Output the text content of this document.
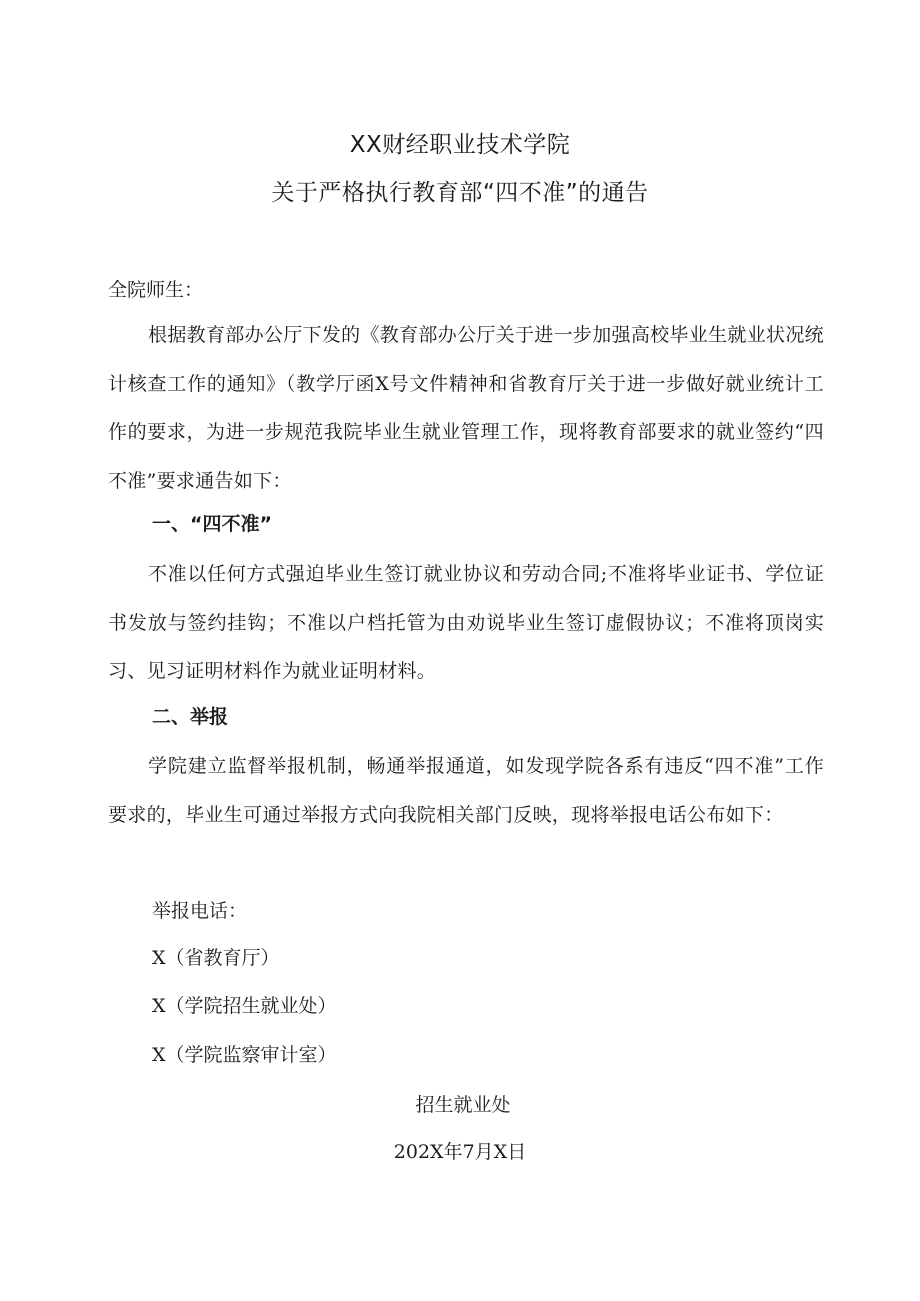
XX财经职业技术学院
关于严格执行教育部“四不准”的通告
全院师生：
根据教育部办公厅下发的《教育部办公厅关于进一步加强高校毕业生就业状况统计核查工作的通知》（教学厅函X号文件精神和省教育厅关于进一步做好就业统计工作的要求，为进一步规范我院毕业生就业管理工作，现将教育部要求的就业签约“四不准”要求通告如下：
一、“四不准”
不准以任何方式强迫毕业生签订就业协议和劳动合同;不准将毕业证书、学位证书发放与签约挂钩；不准以户档托管为由劝说毕业生签订虚假协议；不准将顶岗实习、见习证明材料作为就业证明材料。
二、举报
学院建立监督举报机制，畅通举报通道，如发现学院各系有违反“四不准”工作要求的，毕业生可通过举报方式向我院相关部门反映，现将举报电话公布如下：
举报电话：
X（省教育厅）
X（学院招生就业处）
X（学院监察审计室）
招生就业处
202X年7月X日
